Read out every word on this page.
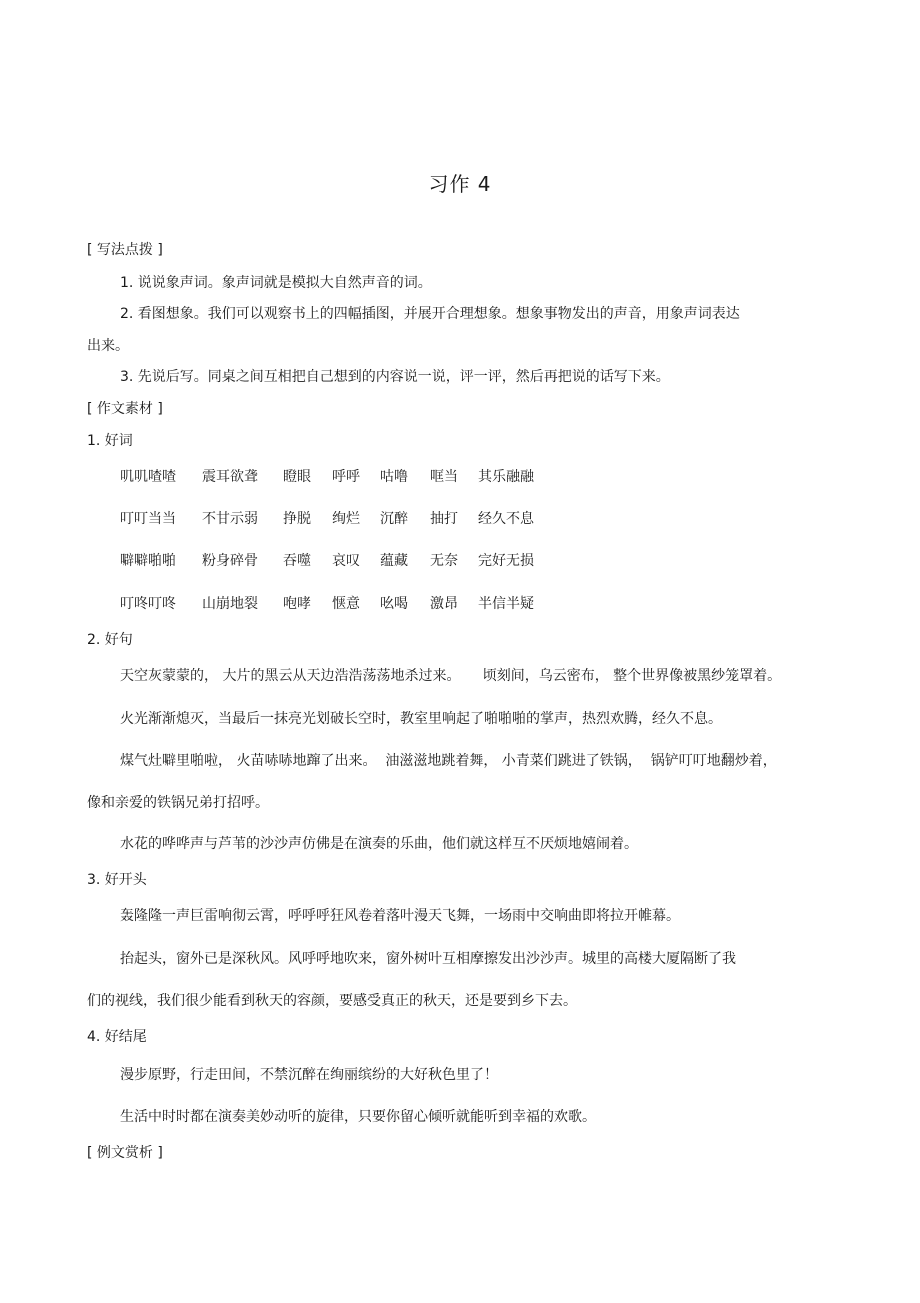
习作 4
[ 写法点拨 ]
1. 说说象声词。象声词就是模拟大自然声音的词。
2. 看图想象。我们可以观察书上的四幅插图，并展开合理想象。想象事物发出的声音，用象声词表达
出来。
3. 先说后写。同桌之间互相把自己想到的内容说一说，评一评，然后再把说的话写下来。
[ 作文素材 ]
1. 好词
叽叽喳喳 震耳欲聋 瞪眼 呼呼 咕噜 哐当 其乐融融
叮叮当当 不甘示弱 挣脱 绚烂 沉醉 抽打 经久不息
噼噼啪啪 粉身碎骨 吞噬 哀叹 蕴藏 无奈 完好无损
叮咚叮咚 山崩地裂 咆哮 惬意 吆喝 激昂 半信半疑
2. 好句
天空灰蒙蒙的， 大片的黑云从天边浩浩荡荡地杀过来。     顷刻间，乌云密布， 整个世界像被黑纱笼罩着。
火光渐渐熄灭，当最后一抹亮光划破长空时，教室里响起了啪啪啪的掌声，热烈欢腾，经久不息。
煤气灶噼里啪啦， 火苗哧哧地蹿了出来。  油滋滋地跳着舞， 小青菜们跳进了铁锅，  锅铲叮叮地翻炒着，
像和亲爱的铁锅兄弟打招呼。
水花的哗哗声与芦苇的沙沙声仿佛是在演奏的乐曲，他们就这样互不厌烦地嬉闹着。
3. 好开头
轰隆隆一声巨雷响彻云霄，呼呼呼狂风卷着落叶漫天飞舞，一场雨中交响曲即将拉开帷幕。
抬起头，窗外已是深秋风。风呼呼地吹来，窗外树叶互相摩擦发出沙沙声。城里的高楼大厦隔断了我
们的视线，我们很少能看到秋天的容颜，要感受真正的秋天，还是要到乡下去。
4. 好结尾
漫步原野，行走田间，不禁沉醉在绚丽缤纷的大好秋色里了！
生活中时时都在演奏美妙动听的旋律，只要你留心倾听就能听到幸福的欢歌。
[ 例文赏析 ]
